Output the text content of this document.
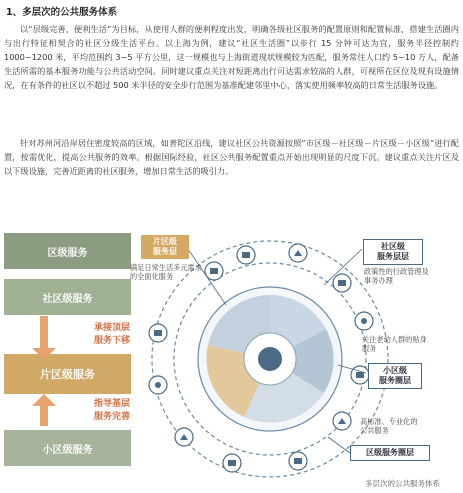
1、多层次的公共服务体系
以“层级完善，便利生活”为目标，从使用人群的便利程度出发，明确各级社区服务的配置原则和配置标准，搭建生活圈内与出行特征相契合的社区分级生活平台。以上海为例，建议“社区生活圈”以步行 15 分钟可达为宜，服务半径控制约 1000~1200 米，平均范围约 3~5 平方公里，这一规模也与上海街道现状规模较为匹配，服务常住人口约 5~10 万人，配备生活所需的基本服务功能与公共活动空间。同时建议重点关注对短距离出行可达需求较高的人群，可视所在区位及现有设施情况，在有条件的社区以不超过 500 米半径的安全步行范围为基准配建邻里中心，落实使用频率较高的日常生活服务设施。
针对苏州河沿岸居住密度较高的区域，如普陀区沿线，建议社区公共资源按照“市区级－社区级－片区级－小区级”进行配置，按需优化，提高公共服务的效率。根据国际经验，社区公共服务配置重点开始出现明显的尺度下沉。建议重点关注片区及以下级设施，完善近距离的社区服务，增加日常生活的吸引力。
区级服务
社区级服务
片区级服务
小区级服务
承接顶层
服务下移
指导基层
服务完善
片区级
服务层
满足日常生活多元需求的全面化服务
社区级
服务层层
政策性的行政管理及事务办理
关注老幼人群的贴身服务
小区级
服务圈层
高标准、专业化的公共服务
区级服务圈层
多层次的公共服务体系
